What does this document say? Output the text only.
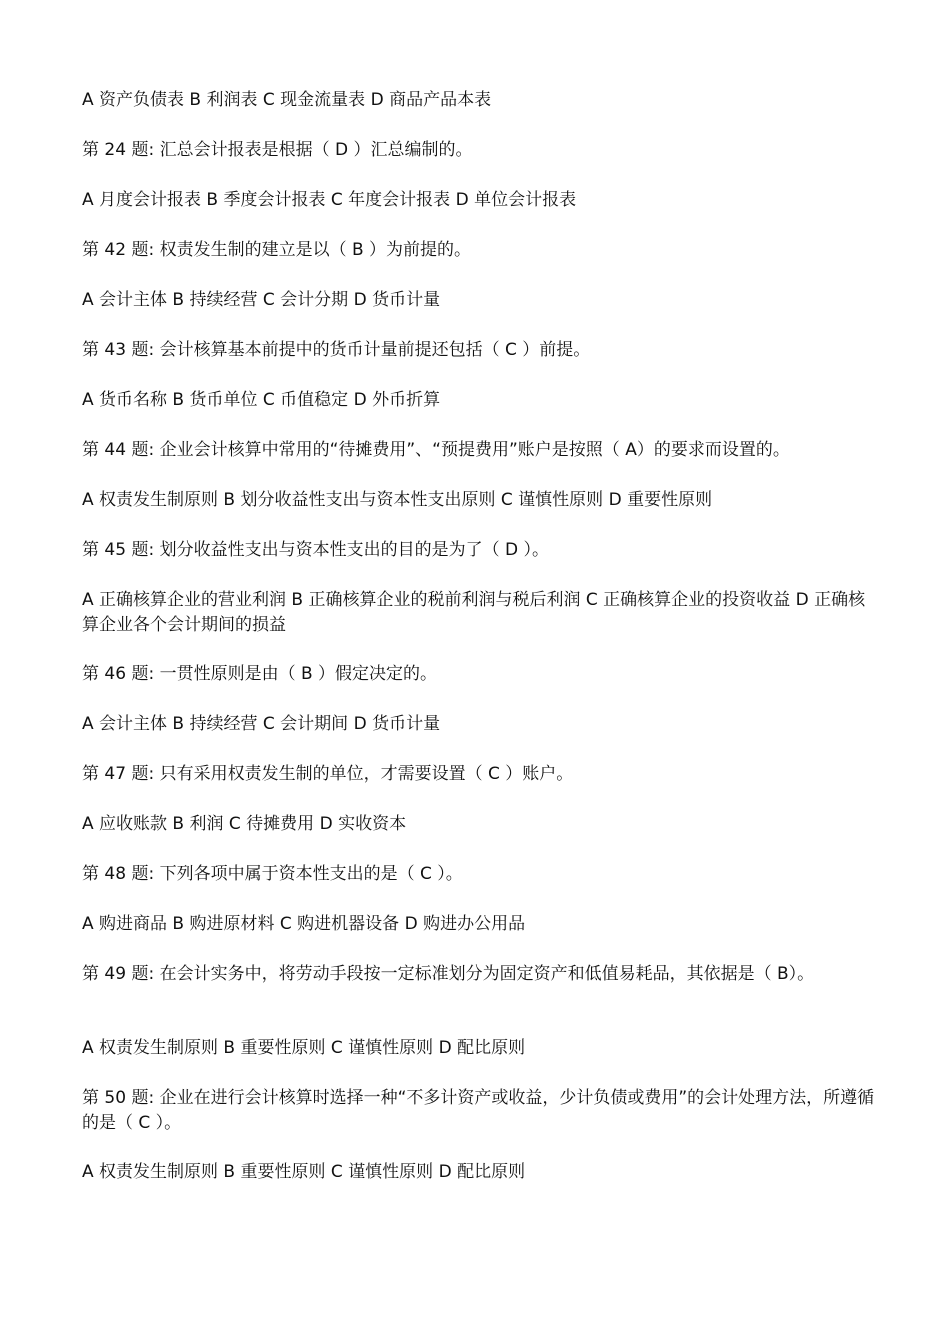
A 资产负债表 B 利润表 C 现金流量表 D 商品产品本表

第 24 题: 汇总会计报表是根据（ D ）汇总编制的。

A 月度会计报表 B 季度会计报表 C 年度会计报表 D 单位会计报表

第 42 题: 权责发生制的建立是以（ B ）为前提的。

A 会计主体 B 持续经营 C 会计分期 D 货币计量

第 43 题: 会计核算基本前提中的货币计量前提还包括（ C ）前提。

A 货币名称 B 货币单位 C 币值稳定 D 外币折算

第 44 题: 企业会计核算中常用的“待摊费用”、“预提费用”账户是按照（ A）的要求而设置的。

A 权责发生制原则 B 划分收益性支出与资本性支出原则 C 谨慎性原则 D 重要性原则

第 45 题: 划分收益性支出与资本性支出的目的是为了（ D ）。

A 正确核算企业的营业利润 B 正确核算企业的税前利润与税后利润 C 正确核算企业的投资收益 D 正确核算企业各个会计期间的损益

第 46 题: 一贯性原则是由（ B ）假定决定的。

A 会计主体 B 持续经营 C 会计期间 D 货币计量

第 47 题: 只有采用权责发生制的单位，才需要设置（ C ）账户。

A 应收账款 B 利润 C 待摊费用 D 实收资本

第 48 题: 下列各项中属于资本性支出的是（ C ）。

A 购进商品 B 购进原材料 C 购进机器设备 D 购进办公用品

第 49 题: 在会计实务中，将劳动手段按一定标准划分为固定资产和低值易耗品，其依据是（ B）。

A 权责发生制原则 B 重要性原则 C 谨慎性原则 D 配比原则

第 50 题: 企业在进行会计核算时选择一种“不多计资产或收益，少计负债或费用”的会计处理方法，所遵循的是（ C ）。

A 权责发生制原则 B 重要性原则 C 谨慎性原则 D 配比原则
